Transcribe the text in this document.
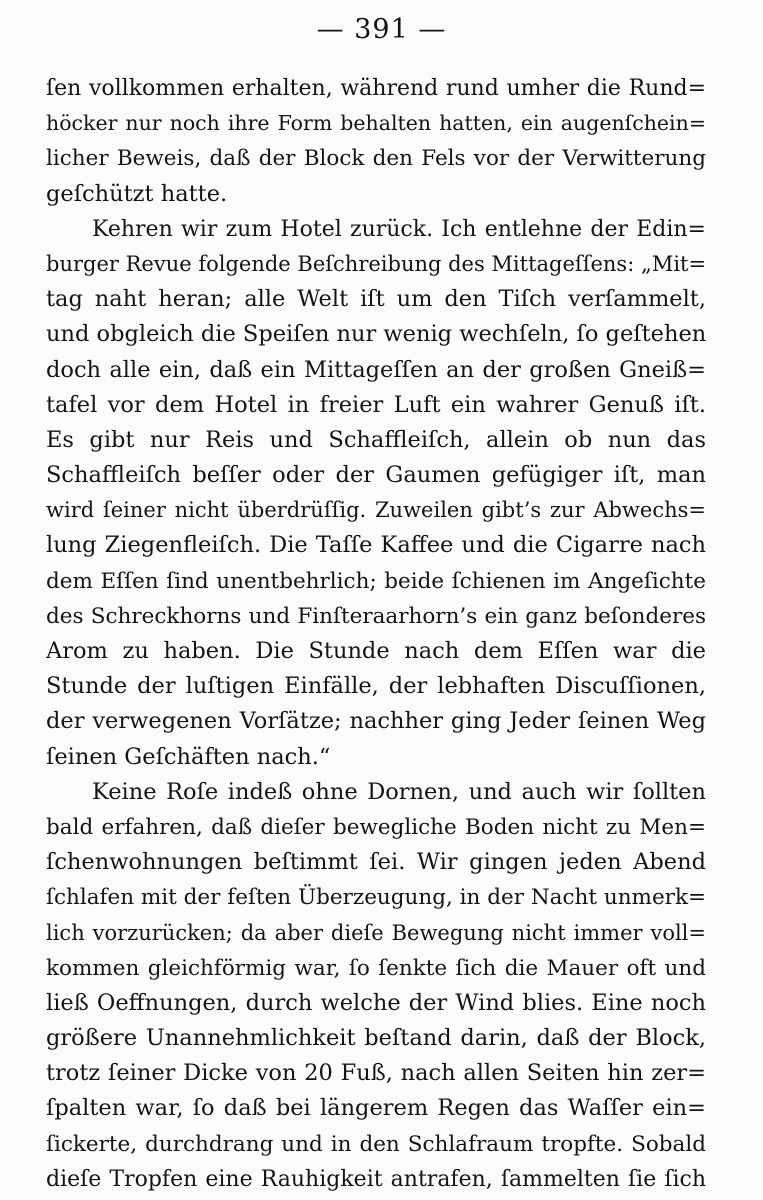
— 391 —
ſen vollkommen erhalten, während rund umher die Rund=
höcker nur noch ihre Form behalten hatten, ein augenſchein=
licher Beweis, daß der Block den Fels vor der Verwitterung
geſchützt hatte.
Kehren wir zum Hotel zurück. Ich entlehne der Edin=
burger Revue folgende Beſchreibung des Mittageſſens: „Mit=
tag naht heran; alle Welt iſt um den Tiſch verſammelt,
und obgleich die Speiſen nur wenig wechſeln, ſo geſtehen
doch alle ein, daß ein Mittageſſen an der großen Gneiß=
tafel vor dem Hotel in freier Luft ein wahrer Genuß iſt.
Es gibt nur Reis und Schaffleiſch, allein ob nun das
Schaffleiſch beſſer oder der Gaumen gefügiger iſt, man
wird ſeiner nicht überdrüſſig. Zuweilen gibt’s zur Abwechs=
lung Ziegenfleiſch. Die Taſſe Kaffee und die Cigarre nach
dem Eſſen ſind unentbehrlich; beide ſchienen im Angeſichte
des Schreckhorns und Finſteraarhorn’s ein ganz beſonderes
Arom zu haben. Die Stunde nach dem Eſſen war die
Stunde der luſtigen Einfälle, der lebhaften Discuſſionen,
der verwegenen Vorſätze; nachher ging Jeder ſeinen Weg
ſeinen Geſchäften nach.“
Keine Roſe indeß ohne Dornen, und auch wir ſollten
bald erfahren, daß dieſer bewegliche Boden nicht zu Men=
ſchenwohnungen beſtimmt ſei. Wir gingen jeden Abend
ſchlafen mit der feſten Überzeugung, in der Nacht unmerk=
lich vorzurücken; da aber dieſe Bewegung nicht immer voll=
kommen gleichförmig war, ſo ſenkte ſich die Mauer oft und
ließ Oeffnungen, durch welche der Wind blies. Eine noch
größere Unannehmlichkeit beſtand darin, daß der Block,
trotz ſeiner Dicke von 20 Fuß, nach allen Seiten hin zer=
ſpalten war, ſo daß bei längerem Regen das Waſſer ein=
ſickerte, durchdrang und in den Schlafraum tropfte. Sobald
dieſe Tropfen eine Rauhigkeit antrafen, ſammelten ſie ſich
